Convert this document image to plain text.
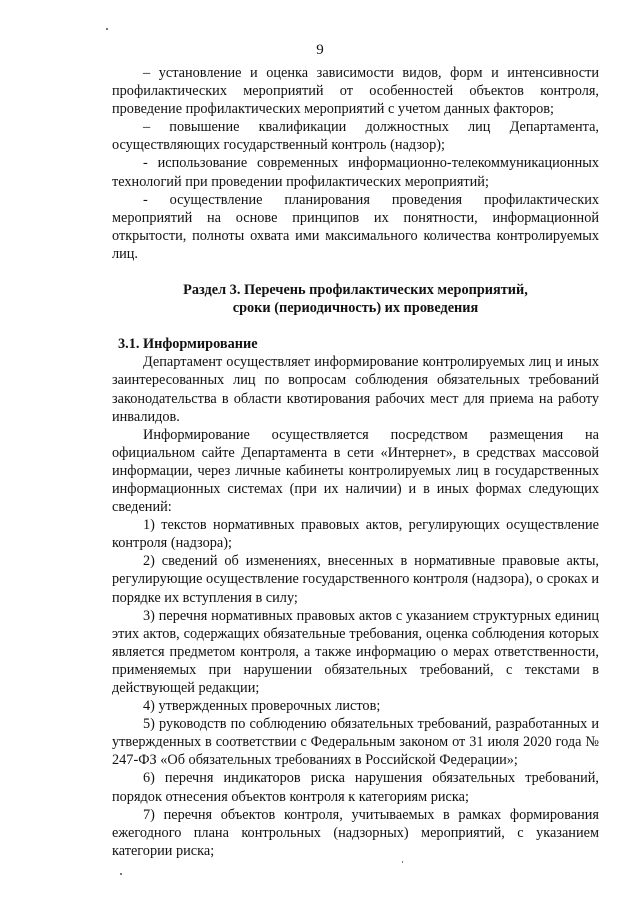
9

– установление и оценка зависимости видов, форм и интенсивности профилактических мероприятий от особенностей объектов контроля, проведение профилактических мероприятий с учетом данных факторов;

– повышение квалификации должностных лиц Департамента, осуществляющих государственный контроль (надзор);

- использование современных информационно-телекоммуникационных технологий при проведении профилактических мероприятий;

- осуществление планирования проведения профилактических мероприятий на основе принципов их понятности, информационной открытости, полноты охвата ими максимального количества контролируемых лиц.

Раздел 3. Перечень профилактических мероприятий,

сроки (периодичность) их проведения

3.1. Информирование

Департамент осуществляет информирование контролируемых лиц и иных заинтересованных лиц по вопросам соблюдения обязательных требований законодательства в области квотирования рабочих мест для приема на работу инвалидов.

Информирование осуществляется посредством размещения на официальном сайте Департамента в сети «Интернет», в средствах массовой информации, через личные кабинеты контролируемых лиц в государственных информационных системах (при их наличии) и в иных формах следующих сведений:

1) текстов нормативных правовых актов, регулирующих осуществление контроля (надзора);

2) сведений об изменениях, внесенных в нормативные правовые акты, регулирующие осуществление государственного контроля (надзора), о сроках и порядке их вступления в силу;

3) перечня нормативных правовых актов с указанием структурных единиц этих актов, содержащих обязательные требования, оценка соблюдения которых является предметом контроля, а также информацию о мерах ответственности, применяемых при нарушении обязательных требований, с текстами в действующей редакции;

4) утвержденных проверочных листов;

5) руководств по соблюдению обязательных требований, разработанных и утвержденных в соответствии с Федеральным законом от 31 июля 2020 года № 247-ФЗ «Об обязательных требованиях в Российской Федерации»;

6) перечня индикаторов риска нарушения обязательных требований, порядок отнесения объектов контроля к категориям риска;

7) перечня объектов контроля, учитываемых в рамках формирования ежегодного плана контрольных (надзорных) мероприятий, с указанием категории риска;
